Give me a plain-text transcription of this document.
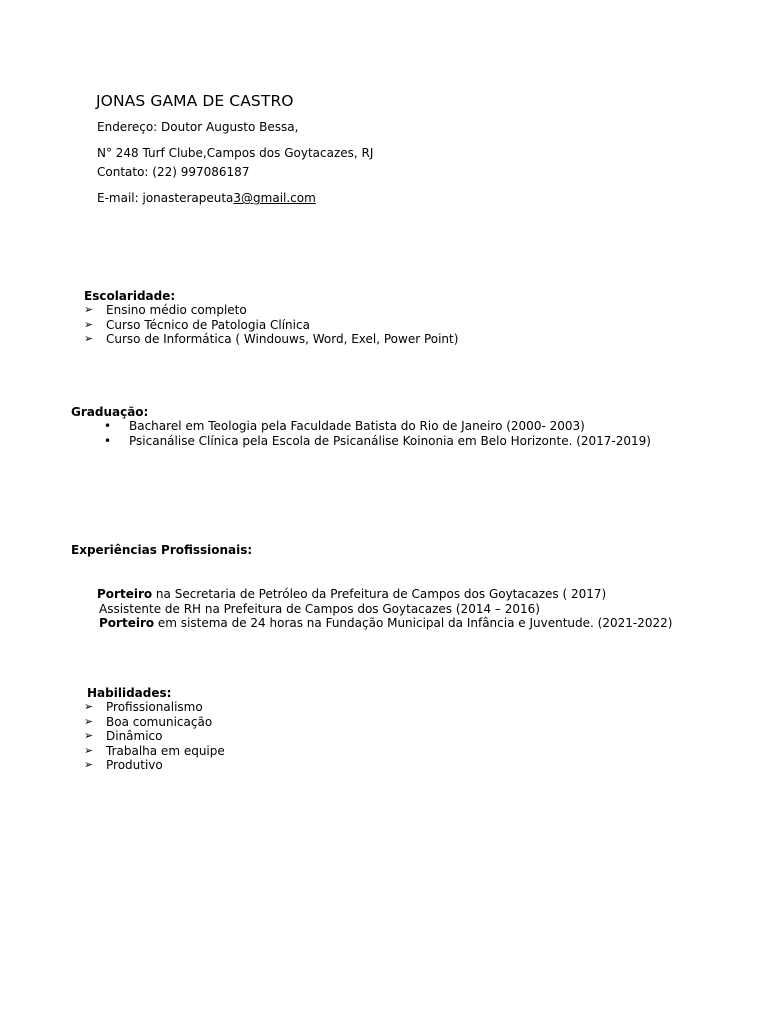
JONAS GAMA DE CASTRO
Endereço: Doutor Augusto Bessa,
N° 248 Turf Clube,Campos dos Goytacazes, RJ
Contato: (22) 997086187
E-mail: jonasterapeuta3@gmail.com
Escolaridade:
➢ Ensino médio completo
➢ Curso Técnico de Patologia Clínica
➢ Curso de Informática ( Windouws, Word, Exel, Power Point)
Graduação:
• Bacharel em Teologia pela Faculdade Batista do Rio de Janeiro (2000- 2003)
• Psicanálise Clínica pela Escola de Psicanálise Koinonia em Belo Horizonte. (2017-2019)
Experiências Profissionais:
Porteiro na Secretaria de Petróleo da Prefeitura de Campos dos Goytacazes ( 2017)
Assistente de RH na Prefeitura de Campos dos Goytacazes (2014 – 2016)
Porteiro em sistema de 24 horas na Fundação Municipal da Infância e Juventude. (2021-2022)
Habilidades:
➢ Profissionalismo
➢ Boa comunicação
➢ Dinâmico
➢ Trabalha em equipe
➢ Produtivo
